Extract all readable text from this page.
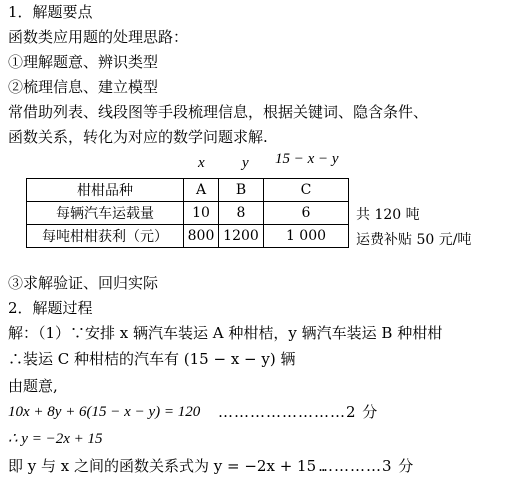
1．解题要点
函数类应用题的处理思路：
①理解题意、辨识类型
②梳理信息、建立模型
常借助列表、线段图等手段梳理信息，根据关键词、隐含条件、
函数关系，转化为对应的数学问题求解.
x y 15 − x − y
柑柑品种	A	B	C
每辆汽车运载量	10	8	6
每吨柑柑获利（元）	800	1200	1 000
共 120 吨
运费补贴 50 元/吨
③求解验证、回归实际
2．解题过程
解：（1）∵安排 x 辆汽车装运 A 种柑桔，y 辆汽车装运 B 种柑柑
∴装运 C 种柑桔的汽车有 (15 − x − y) 辆
由题意,
10x + 8y + 6(15 − x − y) = 120 ……………………2 分
∴ y = −2x + 15
即 y 与 x 之间的函数关系式为 y = −2x + 15 .
…………3 分
